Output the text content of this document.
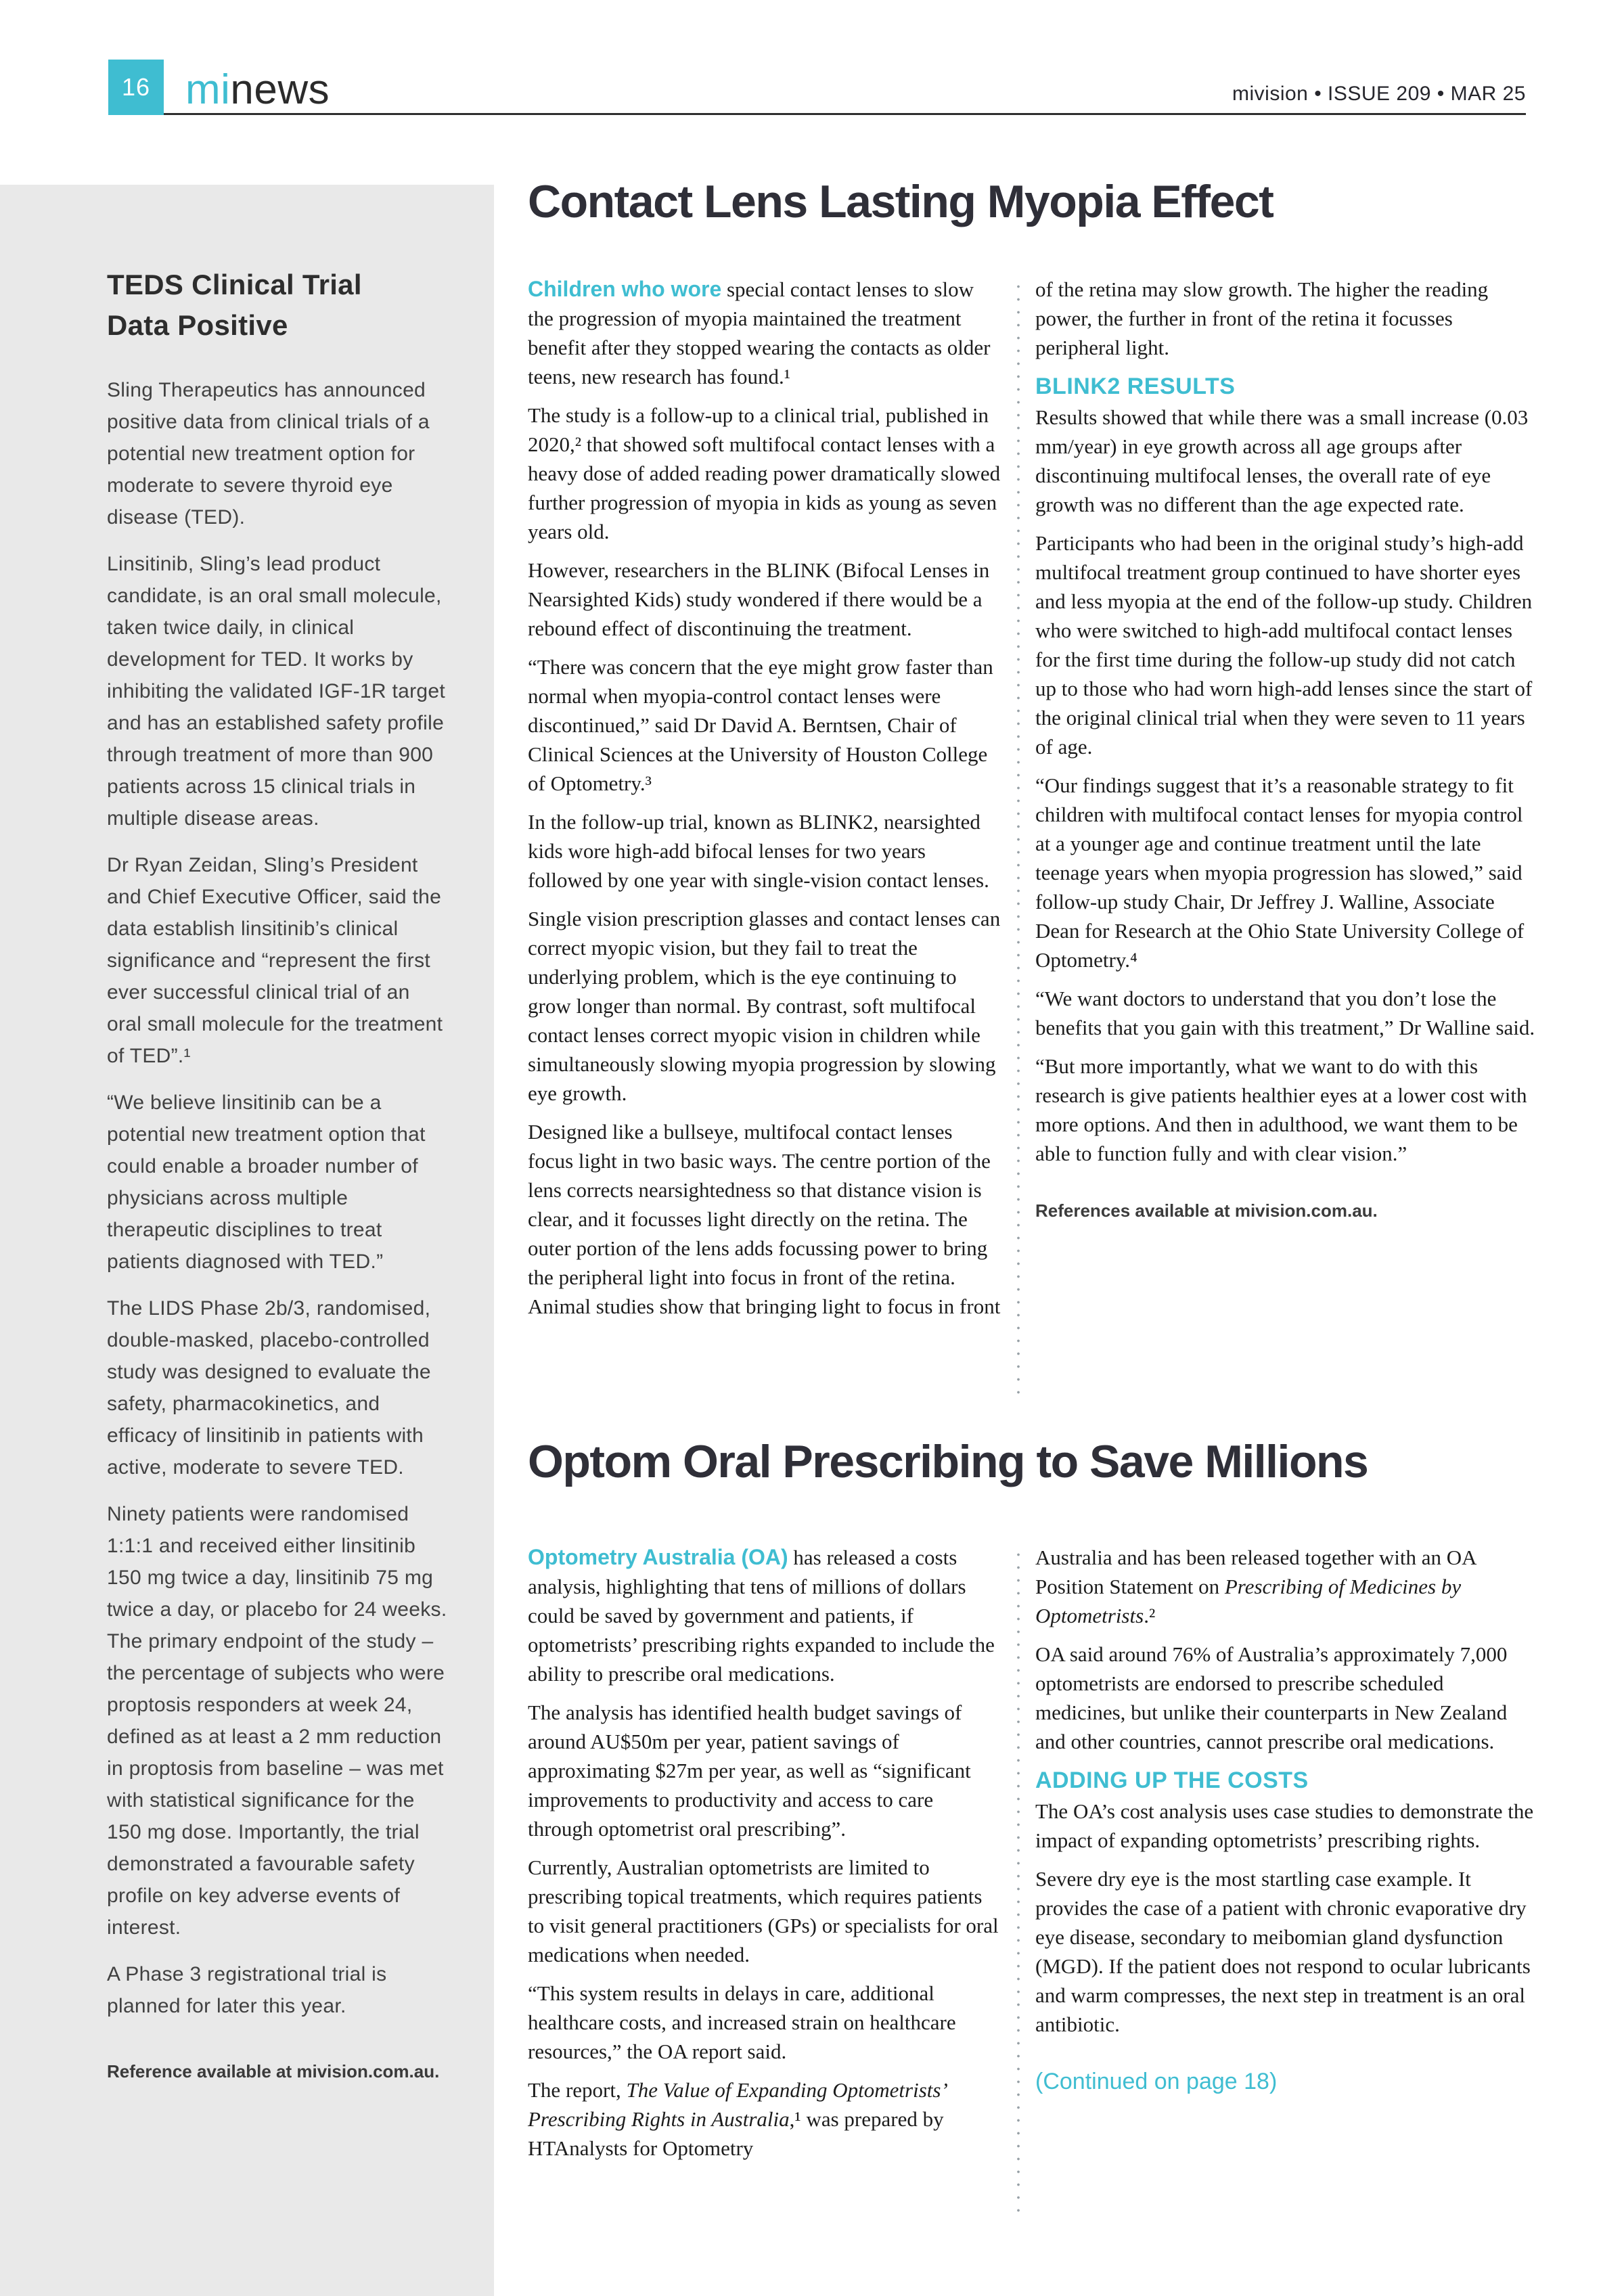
16 minews	mivision • ISSUE 209 • MAR 25
TEDS Clinical Trial
Data Positive

Sling Therapeutics has announced positive data from clinical trials of a potential new treatment option for moderate to severe thyroid eye disease (TED).

Linsitinib, Sling’s lead product candidate, is an oral small molecule, taken twice daily, in clinical development for TED. It works by inhibiting the validated IGF-1R target and has an established safety profile through treatment of more than 900 patients across 15 clinical trials in multiple disease areas.

Dr Ryan Zeidan, Sling’s President and Chief Executive Officer, said the data establish linsitinib’s clinical significance and “represent the first ever successful clinical trial of an oral small molecule for the treatment of TED”.¹

“We believe linsitinib can be a potential new treatment option that could enable a broader number of physicians across multiple therapeutic disciplines to treat patients diagnosed with TED.”

The LIDS Phase 2b/3, randomised, double-masked, placebo-controlled study was designed to evaluate the safety, pharmacokinetics, and efficacy of linsitinib in patients with active, moderate to severe TED.

Ninety patients were randomised 1:1:1 and received either linsitinib 150 mg twice a day, linsitinib 75 mg twice a day, or placebo for 24 weeks. The primary endpoint of the study – the percentage of subjects who were proptosis responders at week 24, defined as at least a 2 mm reduction in proptosis from baseline – was met with statistical significance for the 150 mg dose. Importantly, the trial demonstrated a favourable safety profile on key adverse events of interest.

A Phase 3 registrational trial is planned for later this year.

Reference available at mivision.com.au.

Contact Lens Lasting Myopia Effect

Children who wore special contact lenses to slow the progression of myopia maintained the treatment benefit after they stopped wearing the contacts as older teens, new research has found.¹

The study is a follow-up to a clinical trial, published in 2020,² that showed soft multifocal contact lenses with a heavy dose of added reading power dramatically slowed further progression of myopia in kids as young as seven years old.

However, researchers in the BLINK (Bifocal Lenses in Nearsighted Kids) study wondered if there would be a rebound effect of discontinuing the treatment.

“There was concern that the eye might grow faster than normal when myopia-control contact lenses were discontinued,” said Dr David A. Berntsen, Chair of Clinical Sciences at the University of Houston College of Optometry.³

In the follow-up trial, known as BLINK2, nearsighted kids wore high-add bifocal lenses for two years followed by one year with single-vision contact lenses.

Single vision prescription glasses and contact lenses can correct myopic vision, but they fail to treat the underlying problem, which is the eye continuing to grow longer than normal. By contrast, soft multifocal contact lenses correct myopic vision in children while simultaneously slowing myopia progression by slowing eye growth.

Designed like a bullseye, multifocal contact lenses focus light in two basic ways. The centre portion of the lens corrects nearsightedness so that distance vision is clear, and it focusses light directly on the retina. The outer portion of the lens adds focussing power to bring the peripheral light into focus in front of the retina. Animal studies show that bringing light to focus in front

of the retina may slow growth. The higher the reading power, the further in front of the retina it focusses peripheral light.

BLINK2 RESULTS

Results showed that while there was a small increase (0.03 mm/year) in eye growth across all age groups after discontinuing multifocal lenses, the overall rate of eye growth was no different than the age expected rate.

Participants who had been in the original study’s high-add multifocal treatment group continued to have shorter eyes and less myopia at the end of the follow-up study. Children who were switched to high-add multifocal contact lenses for the first time during the follow-up study did not catch up to those who had worn high-add lenses since the start of the original clinical trial when they were seven to 11 years of age.

“Our findings suggest that it’s a reasonable strategy to fit children with multifocal contact lenses for myopia control at a younger age and continue treatment until the late teenage years when myopia progression has slowed,” said follow-up study Chair, Dr Jeffrey J. Walline, Associate Dean for Research at the Ohio State University College of Optometry.⁴

“We want doctors to understand that you don’t lose the benefits that you gain with this treatment,” Dr Walline said.

“But more importantly, what we want to do with this research is give patients healthier eyes at a lower cost with more options. And then in adulthood, we want them to be able to function fully and with clear vision.”

References available at mivision.com.au.

Optom Oral Prescribing to Save Millions

Optometry Australia (OA) has released a costs analysis, highlighting that tens of millions of dollars could be saved by government and patients, if optometrists’ prescribing rights expanded to include the ability to prescribe oral medications.

The analysis has identified health budget savings of around AU$50m per year, patient savings of approximating $27m per year, as well as “significant improvements to productivity and access to care through optometrist oral prescribing”.

Currently, Australian optometrists are limited to prescribing topical treatments, which requires patients to visit general practitioners (GPs) or specialists for oral medications when needed.

“This system results in delays in care, additional healthcare costs, and increased strain on healthcare resources,” the OA report said.

The report, The Value of Expanding Optometrists’ Prescribing Rights in Australia,¹ was prepared by HTAnalysts for Optometry

Australia and has been released together with an OA Position Statement on Prescribing of Medicines by Optometrists.²

OA said around 76% of Australia’s approximately 7,000 optometrists are endorsed to prescribe scheduled medicines, but unlike their counterparts in New Zealand and other countries, cannot prescribe oral medications.

ADDING UP THE COSTS

The OA’s cost analysis uses case studies to demonstrate the impact of expanding optometrists’ prescribing rights.

Severe dry eye is the most startling case example. It provides the case of a patient with chronic evaporative dry eye disease, secondary to meibomian gland dysfunction (MGD). If the patient does not respond to ocular lubricants and warm compresses, the next step in treatment is an oral antibiotic.

(Continued on page 18)
